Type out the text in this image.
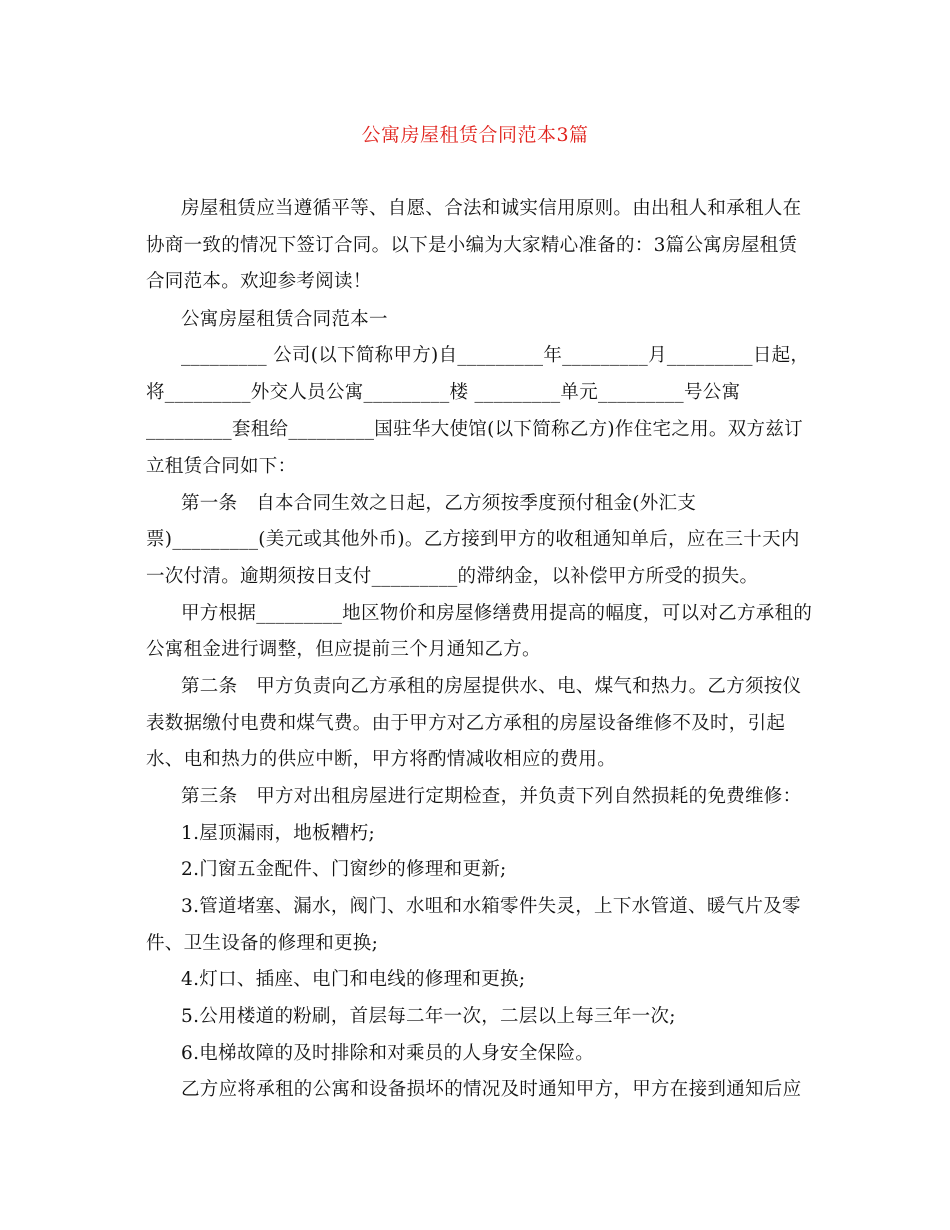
公寓房屋租赁合同范本3篇
房屋租赁应当遵循平等、自愿、合法和诚实信用原则。由出租人和承租人在
协商一致的情况下签订合同。以下是小编为大家精心准备的：3篇公寓房屋租赁
合同范本。欢迎参考阅读！
公寓房屋租赁合同范本一
_________ 公司(以下简称甲方)自_________年_________月_________日起，
将_________外交人员公寓_________楼 _________单元_________号公寓
_________套租给_________国驻华大使馆(以下简称乙方)作住宅之用。双方兹订
立租赁合同如下：
第一条　自本合同生效之日起，乙方须按季度预付租金(外汇支
票)_________(美元或其他外币)。乙方接到甲方的收租通知单后，应在三十天内
一次付清。逾期须按日支付_________的滞纳金，以补偿甲方所受的损失。
甲方根据_________地区物价和房屋修缮费用提高的幅度，可以对乙方承租的
公寓租金进行调整，但应提前三个月通知乙方。
第二条　甲方负责向乙方承租的房屋提供水、电、煤气和热力。乙方须按仪
表数据缴付电费和煤气费。由于甲方对乙方承租的房屋设备维修不及时，引起
水、电和热力的供应中断，甲方将酌情减收相应的费用。
第三条　甲方对出租房屋进行定期检查，并负责下列自然损耗的免费维修：
1.屋顶漏雨，地板糟朽;
2.门窗五金配件、门窗纱的修理和更新;
3.管道堵塞、漏水，阀门、水咀和水箱零件失灵，上下水管道、暖气片及零
件、卫生设备的修理和更换;
4.灯口、插座、电门和电线的修理和更换;
5.公用楼道的粉刷，首层每二年一次，二层以上每三年一次;
6.电梯故障的及时排除和对乘员的人身安全保险。
乙方应将承租的公寓和设备损坏的情况及时通知甲方，甲方在接到通知后应
